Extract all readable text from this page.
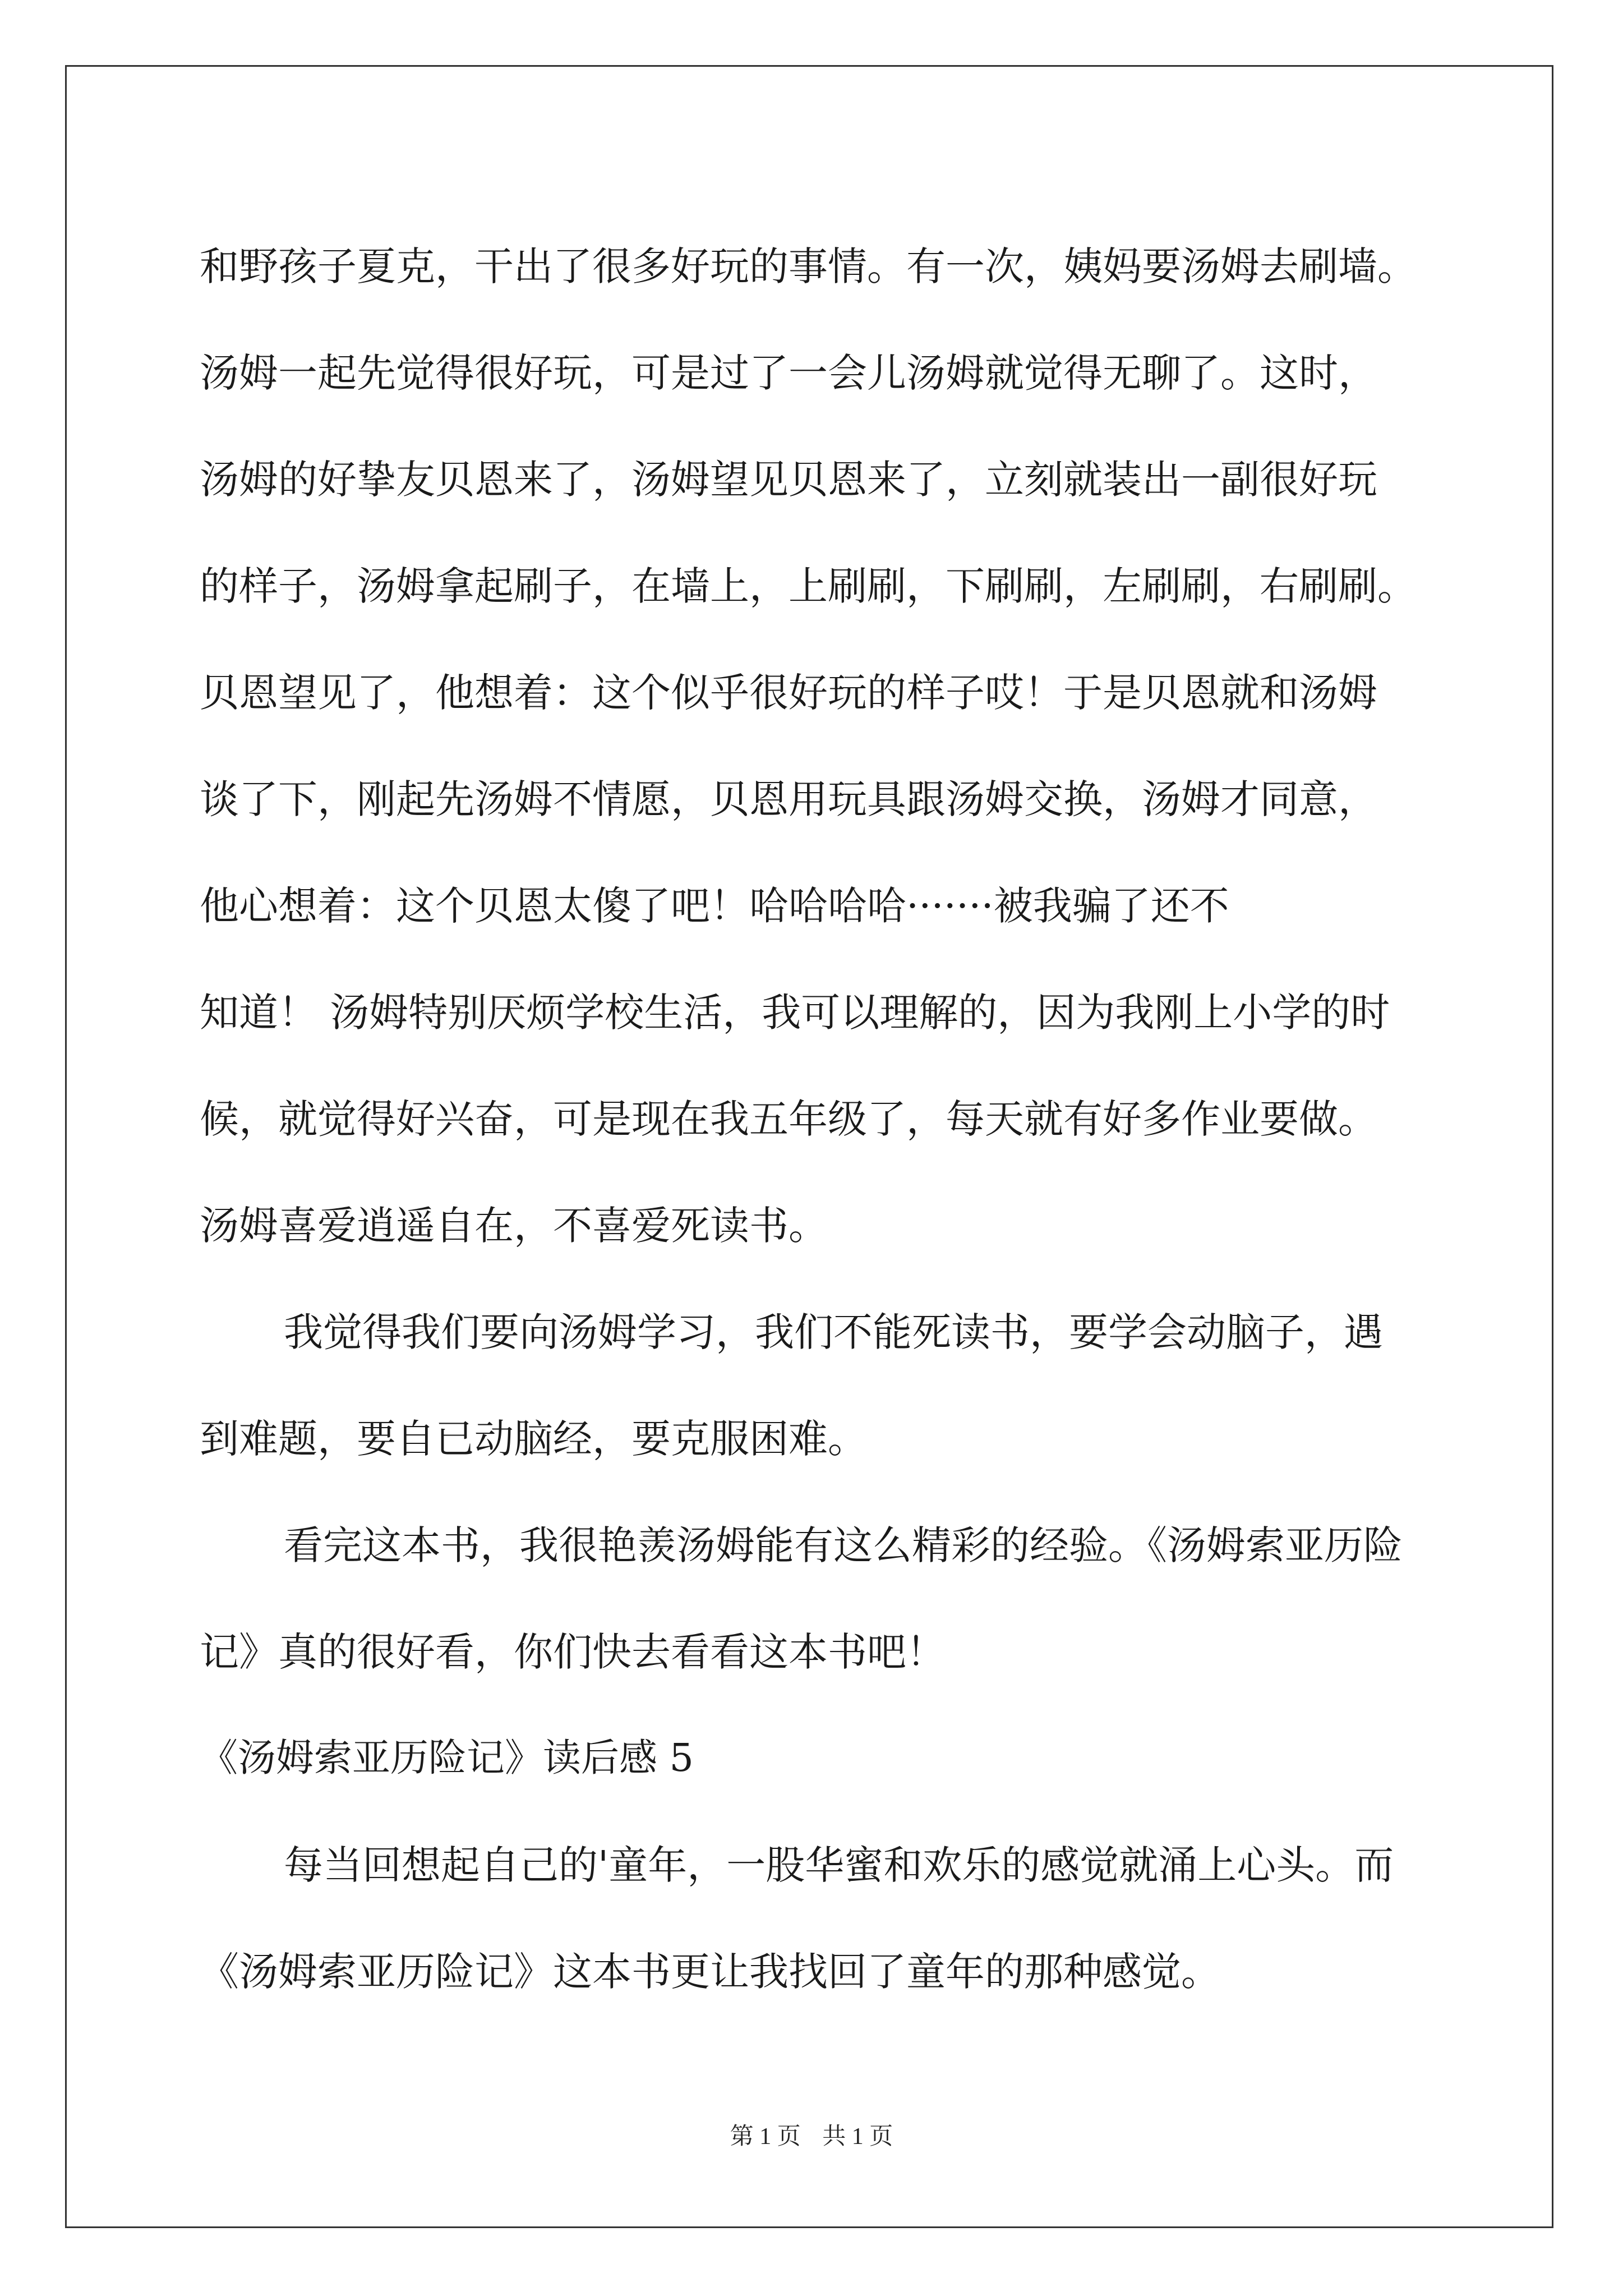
和野孩子夏克，干出了很多好玩的事情。有一次，姨妈要汤姆去刷墙。
汤姆一起先觉得很好玩，可是过了一会儿汤姆就觉得无聊了。这时，
汤姆的好挚友贝恩来了，汤姆望见贝恩来了，立刻就装出一副很好玩
的样子，汤姆拿起刷子，在墙上，上刷刷，下刷刷，左刷刷，右刷刷。
贝恩望见了，他想着：这个似乎很好玩的样子哎！于是贝恩就和汤姆
谈了下，刚起先汤姆不情愿，贝恩用玩具跟汤姆交换，汤姆才同意，
他心想着：这个贝恩太傻了吧！哈哈哈哈·······被我骗了还不
知道！ 汤姆特别厌烦学校生活，我可以理解的，因为我刚上小学的时
候，就觉得好兴奋，可是现在我五年级了，每天就有好多作业要做。
汤姆喜爱逍遥自在，不喜爱死读书。
我觉得我们要向汤姆学习，我们不能死读书，要学会动脑子，遇
到难题，要自已动脑经，要克服困难。
看完这本书，我很艳羡汤姆能有这么精彩的经验。《汤姆索亚历险
记》真的很好看，你们快去看看这本书吧！
《汤姆索亚历险记》读后感 5
每当回想起自己的'童年，一股华蜜和欢乐的感觉就涌上心头。而
《汤姆索亚历险记》这本书更让我找回了童年的那种感觉。
第 1 页 共 1 页
